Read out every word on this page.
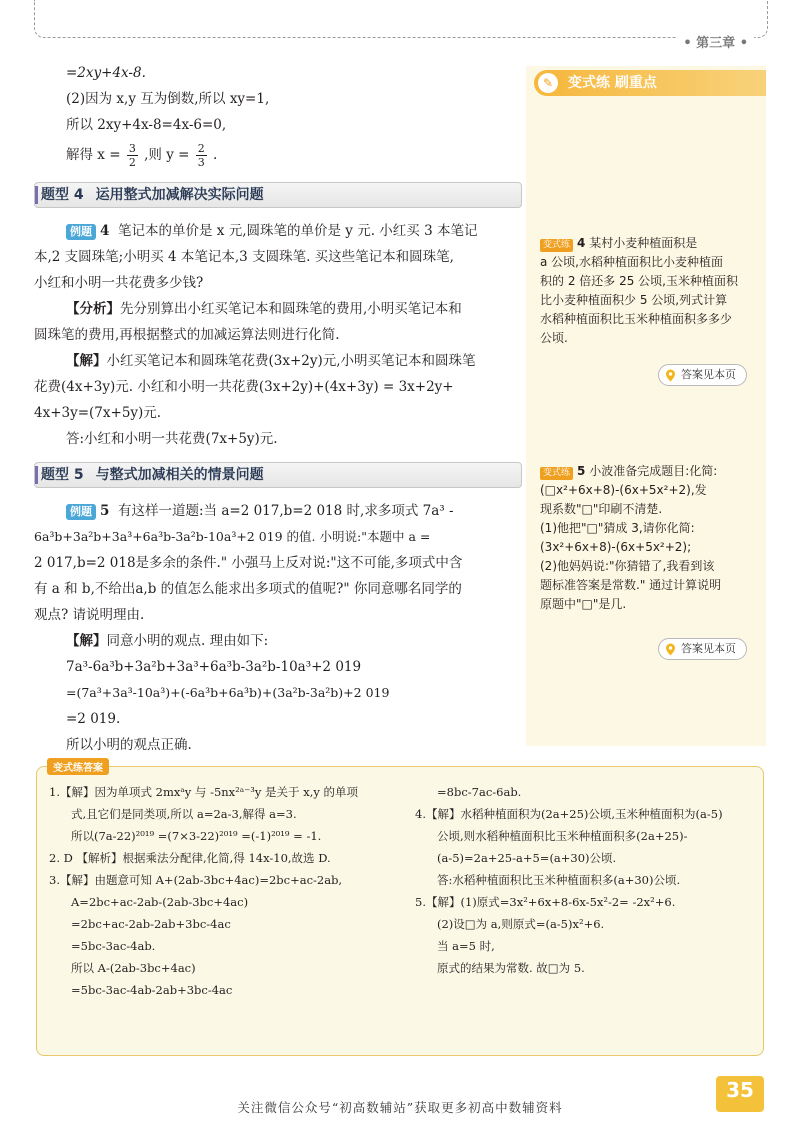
• 第三章 •
=2xy+4x-8.
(2)因为 x,y 互为倒数,所以 xy=1,
所以 2xy+4x-8=4x-6=0,
解得 $x = \frac{3}{2}$ ,则 $y = \frac{2}{3}$ .
题型 4 运用整式加减解决实际问题
例题 4 笔记本的单价是 x 元,圆珠笔的单价是 y 元. 小红买 3 本笔记
本,2 支圆珠笔;小明买 4 本笔记本,3 支圆珠笔. 买这些笔记本和圆珠笔,
小红和小明一共花费多少钱?
【分析】先分别算出小红买笔记本和圆珠笔的费用,小明买笔记本和
圆珠笔的费用,再根据整式的加减运算法则进行化简.
【解】小红买笔记本和圆珠笔花费(3x+2y)元,小明买笔记本和圆珠笔
花费(4x+3y)元. 小红和小明一共花费(3x+2y)+(4x+3y) = 3x+2y+
4x+3y=(7x+5y)元.
答:小红和小明一共花费(7x+5y)元.
题型 5 与整式加减相关的情景问题
例题 5 有这样一道题:当 a=2 017,b=2 018 时,求多项式 7a³ -
6a³b+3a²b+3a³+6a³b-3a²b-10a³+2 019 的值. 小明说:"本题中 a =
2 017,b=2 018是多余的条件." 小强马上反对说:"这不可能,多项式中含
有 a 和 b,不给出a,b 的值怎么能求出多项式的值呢?" 你同意哪名同学的
观点? 请说明理由.
【解】同意小明的观点. 理由如下:
7a³-6a³b+3a²b+3a³+6a³b-3a²b-10a³+2 019
=(7a³+3a³-10a³)+(-6a³b+6a³b)+(3a²b-3a²b)+2 019
=2 019.
所以小明的观点正确.
✎	变式练 刷重点
变式练 4 某村小麦种植面积是
a 公顷,水稻种植面积比小麦种植面
积的 2 倍还多 25 公顷,玉米种植面积
比小麦种植面积少 5 公顷,列式计算
水稻种植面积比玉米种植面积多多少
公顷.
答案见本页
变式练 5 小波准备完成题目:化简:
(□x²+6x+8)-(6x+5x²+2),发
现系数"□"印刷不清楚.
(1)他把"□"猜成 3,请你化简:
(3x²+6x+8)-(6x+5x²+2);
(2)他妈妈说:"你猜错了,我看到该
题标准答案是常数." 通过计算说明
原题中"□"是几.
答案见本页
变式练答案
1.【解】因为单项式 2mxᵃy 与 -5nx²ᵃ⁻³y 是关于 x,y 的单项
式,且它们是同类项,所以 a=2a-3,解得 a=3.
所以(7a-22)²⁰¹⁹ =(7×3-22)²⁰¹⁹ =(-1)²⁰¹⁹ = -1.
2. D 【解析】根据乘法分配律,化简,得 14x-10,故选 D.
3.【解】由题意可知 A+(2ab-3bc+4ac)=2bc+ac-2ab,
A=2bc+ac-2ab-(2ab-3bc+4ac)
=2bc+ac-2ab-2ab+3bc-4ac
=5bc-3ac-4ab.
所以 A-(2ab-3bc+4ac)
=5bc-3ac-4ab-2ab+3bc-4ac
=8bc-7ac-6ab.
4.【解】水稻种植面积为(2a+25)公顷,玉米种植面积为(a-5)
公顷,则水稻种植面积比玉米种植面积多(2a+25)-
(a-5)=2a+25-a+5=(a+30)公顷.
答:水稻种植面积比玉米种植面积多(a+30)公顷.
5.【解】(1)原式=3x²+6x+8-6x-5x²-2= -2x²+6.
(2)设□为 a,则原式=(a-5)x²+6.
当 a=5 时,
原式的结果为常数. 故□为 5.
35
关注微信公众号“初高数辅站”获取更多初高中数辅资料
